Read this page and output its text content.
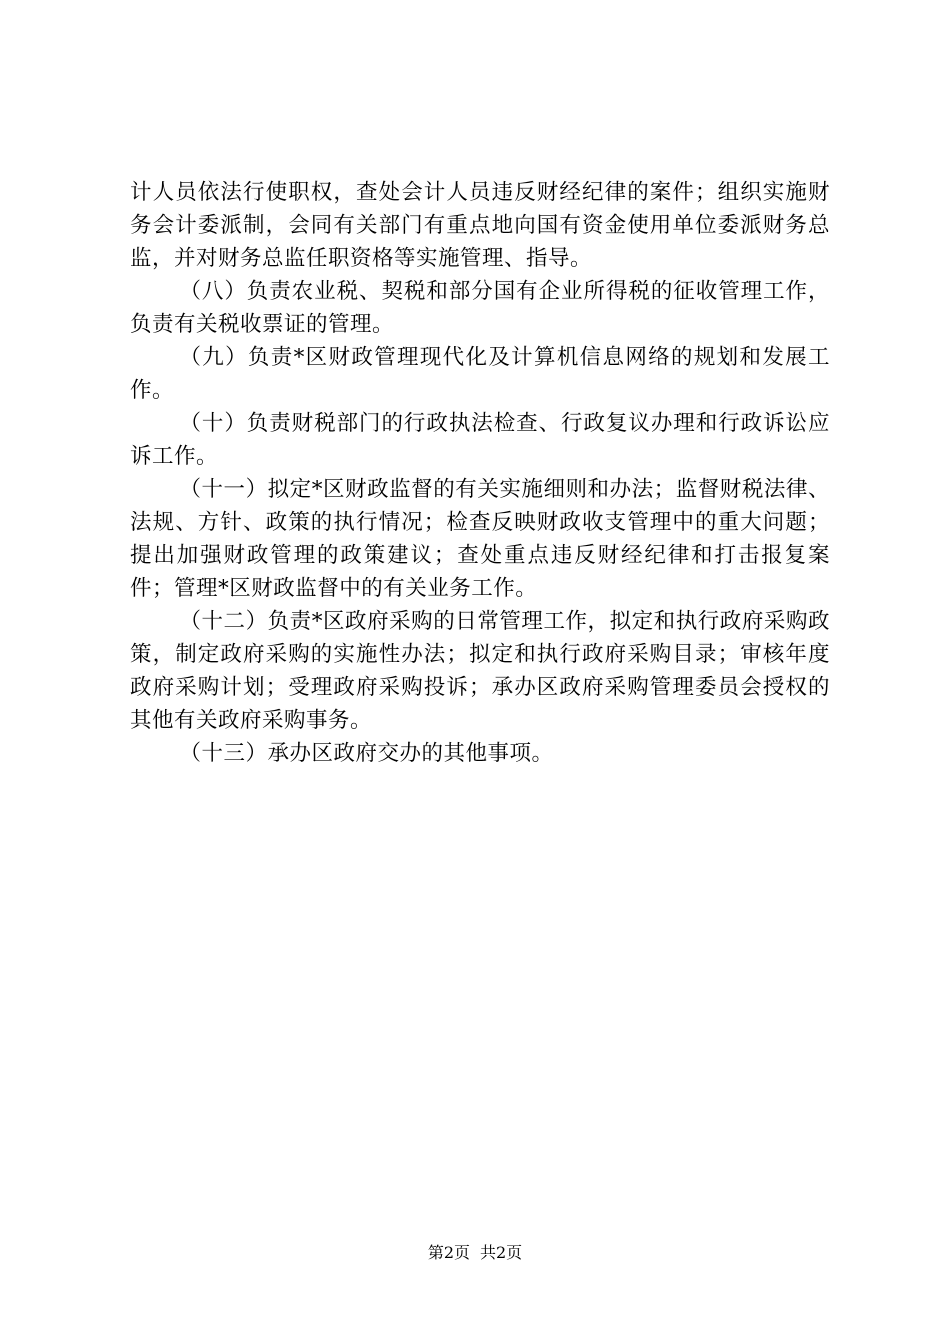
计人员依法行使职权，查处会计人员违反财经纪律的案件；组织实施财务会计委派制，会同有关部门有重点地向国有资金使用单位委派财务总监，并对财务总监任职资格等实施管理、指导。

（八）负责农业税、契税和部分国有企业所得税的征收管理工作，负责有关税收票证的管理。

（九）负责*区财政管理现代化及计算机信息网络的规划和发展工作。

（十）负责财税部门的行政执法检查、行政复议办理和行政诉讼应诉工作。

（十一）拟定*区财政监督的有关实施细则和办法；监督财税法律、法规、方针、政策的执行情况；检查反映财政收支管理中的重大问题；提出加强财政管理的政策建议；查处重点违反财经纪律和打击报复案件；管理*区财政监督中的有关业务工作。

（十二）负责*区政府采购的日常管理工作，拟定和执行政府采购政策，制定政府采购的实施性办法；拟定和执行政府采购目录；审核年度政府采购计划；受理政府采购投诉；承办区政府采购管理委员会授权的其他有关政府采购事务。

（十三）承办区政府交办的其他事项。

第2页 共2页
